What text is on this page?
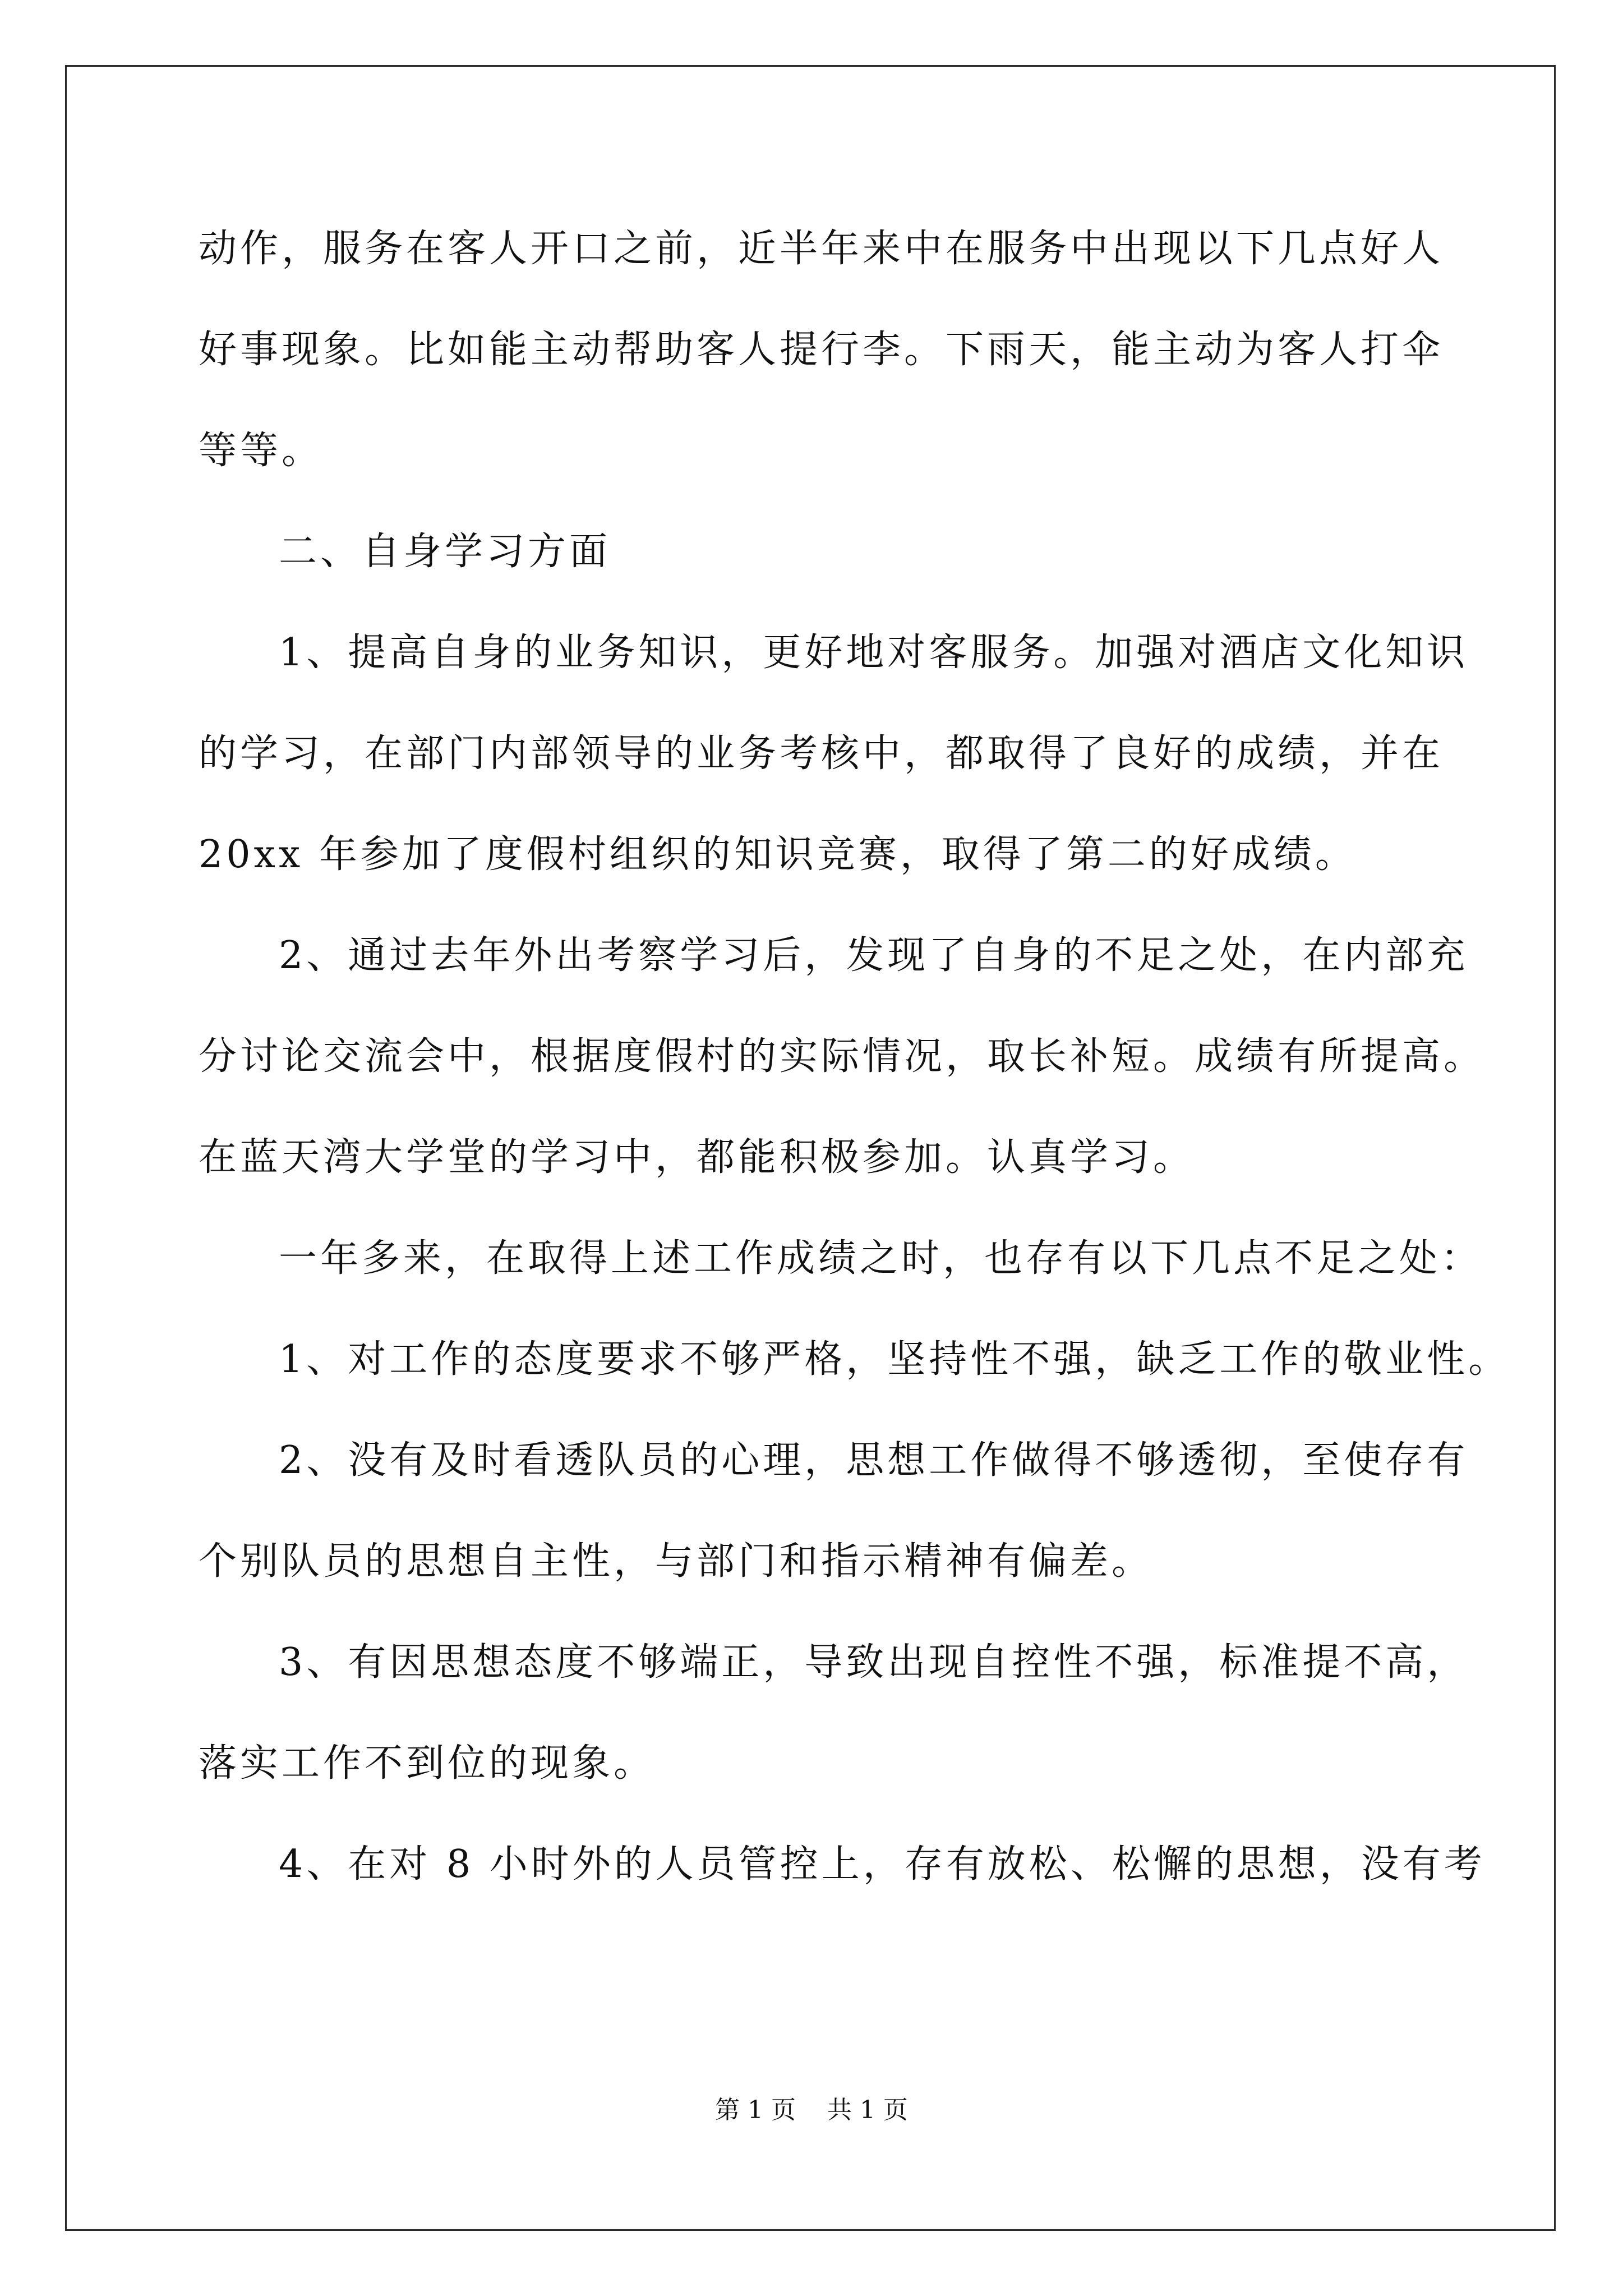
动作，服务在客人开口之前，近半年来中在服务中出现以下几点好人
好事现象。比如能主动帮助客人提行李。下雨天，能主动为客人打伞
等等。
二、自身学习方面
1、提高自身的业务知识，更好地对客服务。加强对酒店文化知识
的学习，在部门内部领导的业务考核中，都取得了良好的成绩，并在
20xx 年参加了度假村组织的知识竞赛，取得了第二的好成绩。
2、通过去年外出考察学习后，发现了自身的不足之处，在内部充
分讨论交流会中，根据度假村的实际情况，取长补短。成绩有所提高。
在蓝天湾大学堂的学习中，都能积极参加。认真学习。
一年多来，在取得上述工作成绩之时，也存有以下几点不足之处：
1、对工作的态度要求不够严格，坚持性不强，缺乏工作的敬业性。
2、没有及时看透队员的心理，思想工作做得不够透彻，至使存有
个别队员的思想自主性，与部门和指示精神有偏差。
3、有因思想态度不够端正，导致出现自控性不强，标准提不高，
落实工作不到位的现象。
4、在对 8 小时外的人员管控上，存有放松、松懈的思想，没有考
第 1 页    共 1 页
